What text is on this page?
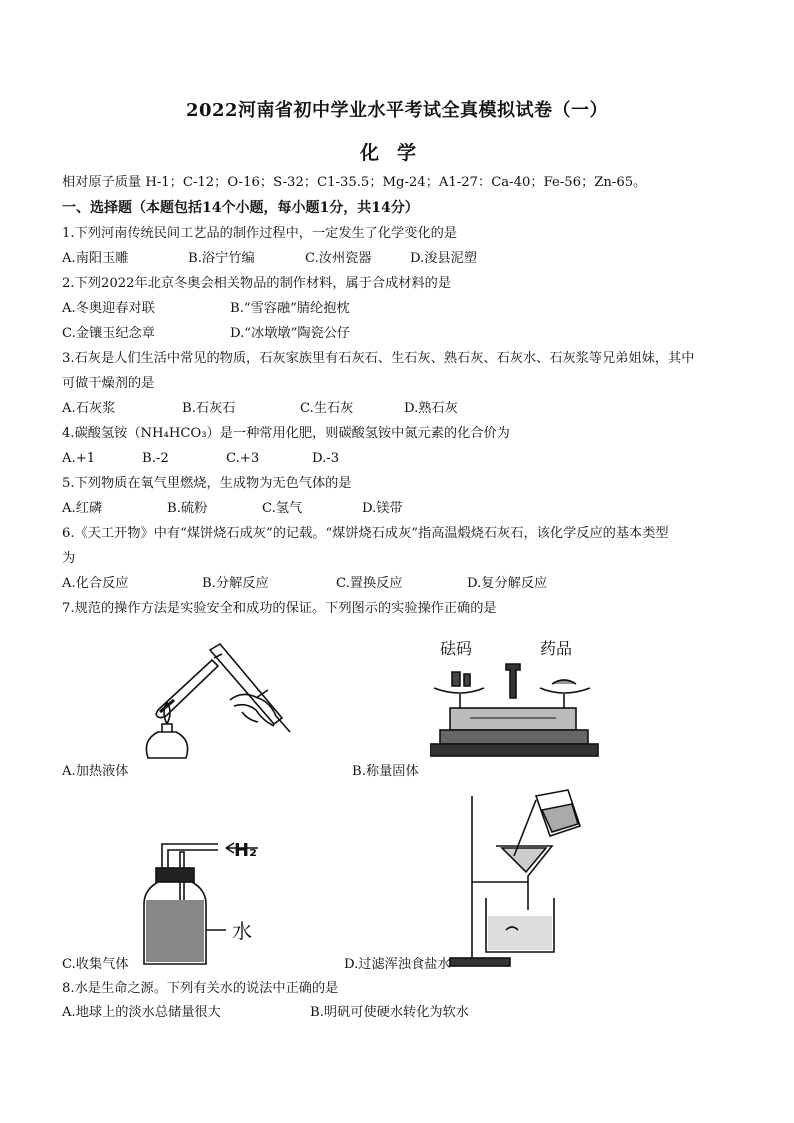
2022河南省初中学业水平考试全真模拟试卷（一）
化学
相对原子质量 H-1；C-12；O-16；S-32；C1-35.5；Mg-24；A1-27：Ca-40；Fe-56；Zn-65。
一、选择题（本题包括14个小题，每小题1分，共14分）
1.下列河南传统民间工艺品的制作过程中，一定发生了化学变化的是
A.南阳玉雕	B.浴宁竹编	C.汝州瓷器	D.浚县泥塑
2.下列2022年北京冬奥会相关物品的制作材料，属于合成材料的是
A.冬奥迎春对联	B.“雪容融”腈纶抱枕
C.金镶玉纪念章	D.“冰墩墩”陶瓷公仔
3.石灰是人们生活中常见的物质，石灰家族里有石灰石、生石灰、熟石灰、石灰水、石灰浆等兄弟姐妹，其中
可做干燥剂的是
A.石灰浆	B.石灰石	C.生石灰	D.熟石灰
4.碳酸氢铵（NH₄HCO₃）是一种常用化肥，则碳酸氢铵中氮元素的化合价为
A.+1	B.-2	C.+3	D.-3
5.下列物质在氧气里燃烧，生成物为无色气体的是
A.红磷	B.硫粉	C.氢气	D.镁带
6.《天工开物》中有“煤饼烧石成灰”的记载。“煤饼烧石成灰”指高温煅烧石灰石，该化学反应的基本类型
为
A.化合反应	B.分解反应	C.置换反应	D.复分解反应
7.规范的操作方法是实验安全和成功的保证。下列图示的实验操作正确的是
A.加热液体
砝码	药品
B.称量固体
H₂
水
C.收集气体	D.过滤浑浊食盐水
8.水是生命之源。下列有关水的说法中正确的是
A.地球上的淡水总储量很大	B.明矾可使硬水转化为软水
